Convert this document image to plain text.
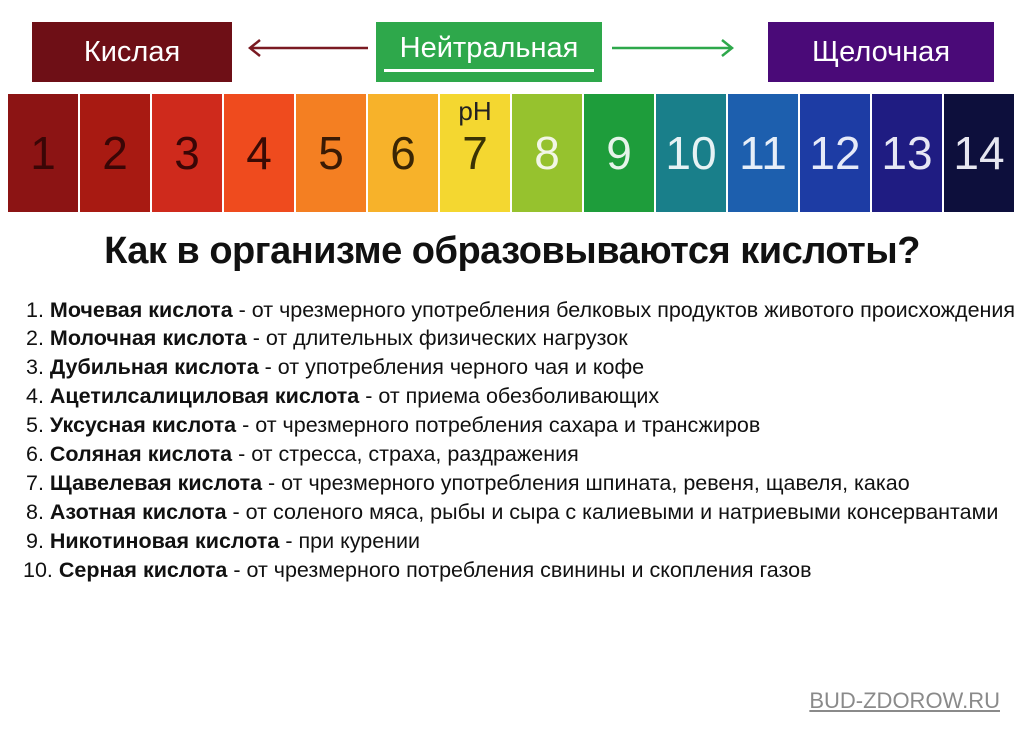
Кислая	Нейтральная	Щелочная
1 2 3 4 5 6 7
pH
8 9 10 11 12 13 14
Как в организме образовываются кислоты?
1. Мочевая кислота - от чрезмерного употребления белковых продуктов животого происхождения
2. Молочная кислота - от длительных физических нагрузок
3. Дубильная кислота - от употребления черного чая и кофе
4. Ацетилсалициловая кислота - от приема обезболивающих
5. Уксусная кислота - от чрезмерного потребления сахара и трансжиров
6. Соляная кислота - от стресса, страха, раздражения
7. Щавелевая кислота - от чрезмерного употребления шпината, ревеня, щавеля, какао
8. Азотная кислота - от соленого мяса, рыбы и сыра с калиевыми и натриевыми консервантами
9. Никотиновая кислота - при курении
10. Серная кислота - от чрезмерного потребления свинины и скопления газов
BUD-ZDOROW.RU
